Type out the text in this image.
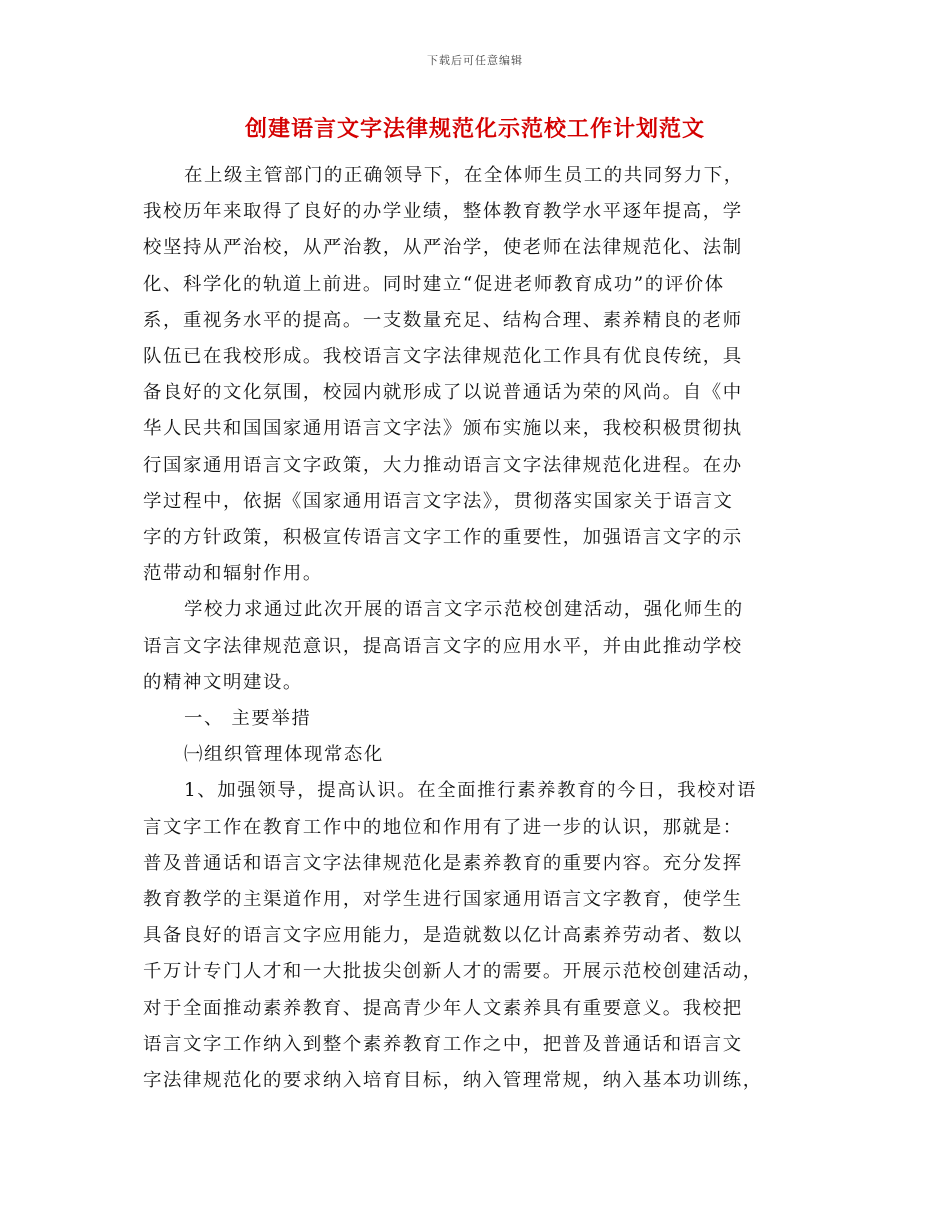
下载后可任意编辑
创建语言文字法律规范化示范校工作计划范文
在上级主管部门的正确领导下，在全体师生员工的共同努力下，
我校历年来取得了良好的办学业绩，整体教育教学水平逐年提高，学
校坚持从严治校，从严治教，从严治学，使老师在法律规范化、法制
化、科学化的轨道上前进。同时建立“促进老师教育成功”的评价体
系，重视务水平的提高。一支数量充足、结构合理、素养精良的老师
队伍已在我校形成。我校语言文字法律规范化工作具有优良传统，具
备良好的文化氛围，校园内就形成了以说普通话为荣的风尚。自《中
华人民共和国国家通用语言文字法》颁布实施以来，我校积极贯彻执
行国家通用语言文字政策，大力推动语言文字法律规范化进程。在办
学过程中，依据《国家通用语言文字法》，贯彻落实国家关于语言文
字的方针政策，积极宣传语言文字工作的重要性，加强语言文字的示
范带动和辐射作用。
学校力求通过此次开展的语言文字示范校创建活动，强化师生的
语言文字法律规范意识，提高语言文字的应用水平，并由此推动学校
的精神文明建设。
一、 主要举措
㈠组织管理体现常态化
1、加强领导，提高认识。在全面推行素养教育的今日，我校对语
言文字工作在教育工作中的地位和作用有了进一步的认识，那就是：
普及普通话和语言文字法律规范化是素养教育的重要内容。充分发挥
教育教学的主渠道作用，对学生进行国家通用语言文字教育，使学生
具备良好的语言文字应用能力，是造就数以亿计高素养劳动者、数以
千万计专门人才和一大批拔尖创新人才的需要。开展示范校创建活动，
对于全面推动素养教育、提高青少年人文素养具有重要意义。我校把
语言文字工作纳入到整个素养教育工作之中，把普及普通话和语言文
字法律规范化的要求纳入培育目标，纳入管理常规，纳入基本功训练，
